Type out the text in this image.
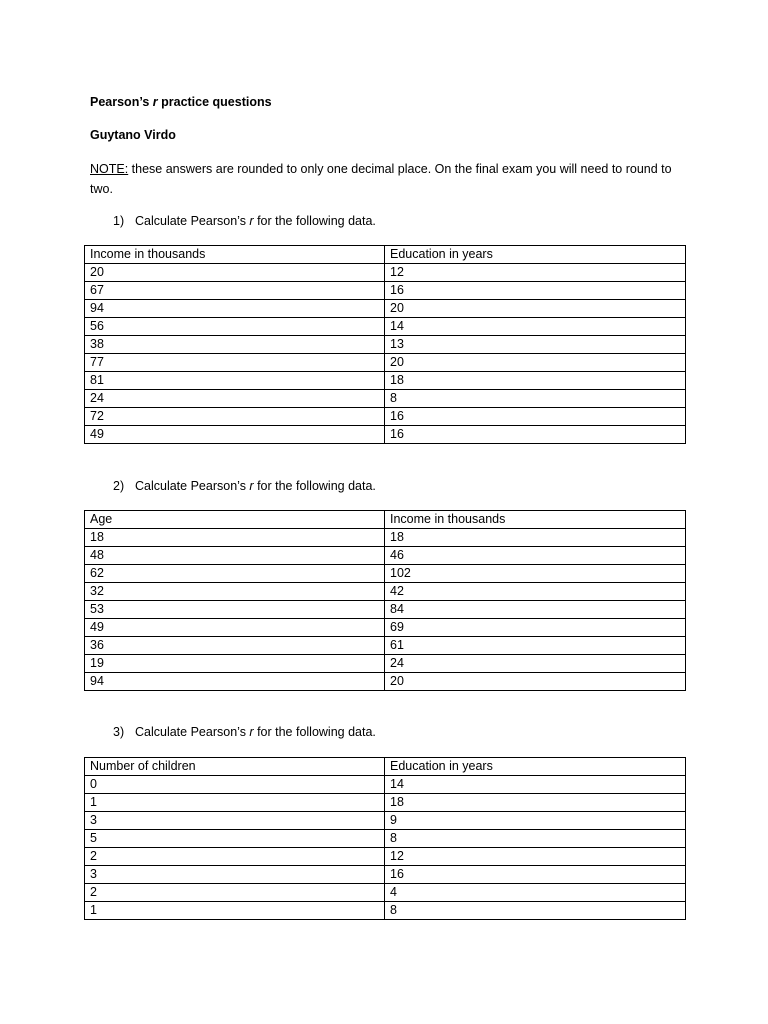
Pearson’s r practice questions
Guytano Virdo
NOTE: these answers are rounded to only one decimal place. On the final exam you will need to round to two.
1) Calculate Pearson’s r for the following data.
Income in thousands	Education in years
20	12
67	16
94	20
56	14
38	13
77	20
81	18
24	8
72	16
49	16
2) Calculate Pearson’s r for the following data.
Age	Income in thousands
18	18
48	46
62	102
32	42
53	84
49	69
36	61
19	24
94	20
3) Calculate Pearson’s r for the following data.
Number of children	Education in years
0	14
1	18
3	9
5	8
2	12
3	16
2	4
1	8
